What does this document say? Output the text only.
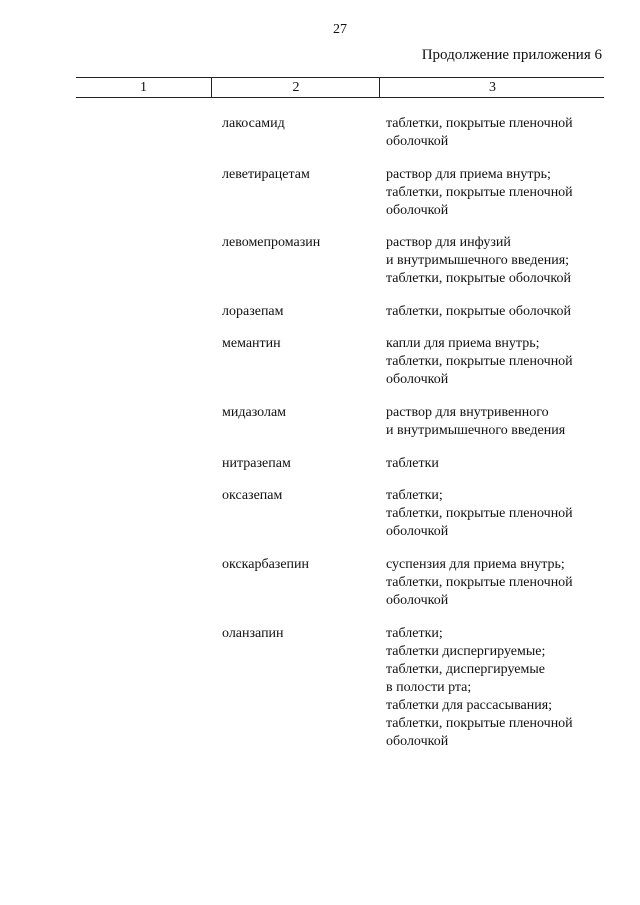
27
Продолжение приложения 6
1	2	3
лакосамид	таблетки, покрытые пленочной
оболочкой
леветирацетам	раствор для приема внутрь;
таблетки, покрытые пленочной
оболочкой
левомепромазин	раствор для инфузий
и внутримышечного введения;
таблетки, покрытые оболочкой
лоразепам	таблетки, покрытые оболочкой
мемантин	капли для приема внутрь;
таблетки, покрытые пленочной
оболочкой
мидазолам	раствор для внутривенного
и внутримышечного введения
нитразепам	таблетки
оксазепам	таблетки;
таблетки, покрытые пленочной
оболочкой
окскарбазепин	суспензия для приема внутрь;
таблетки, покрытые пленочной
оболочкой
оланзапин	таблетки;
таблетки диспергируемые;
таблетки, диспергируемые
в полости рта;
таблетки для рассасывания;
таблетки, покрытые пленочной
оболочкой
